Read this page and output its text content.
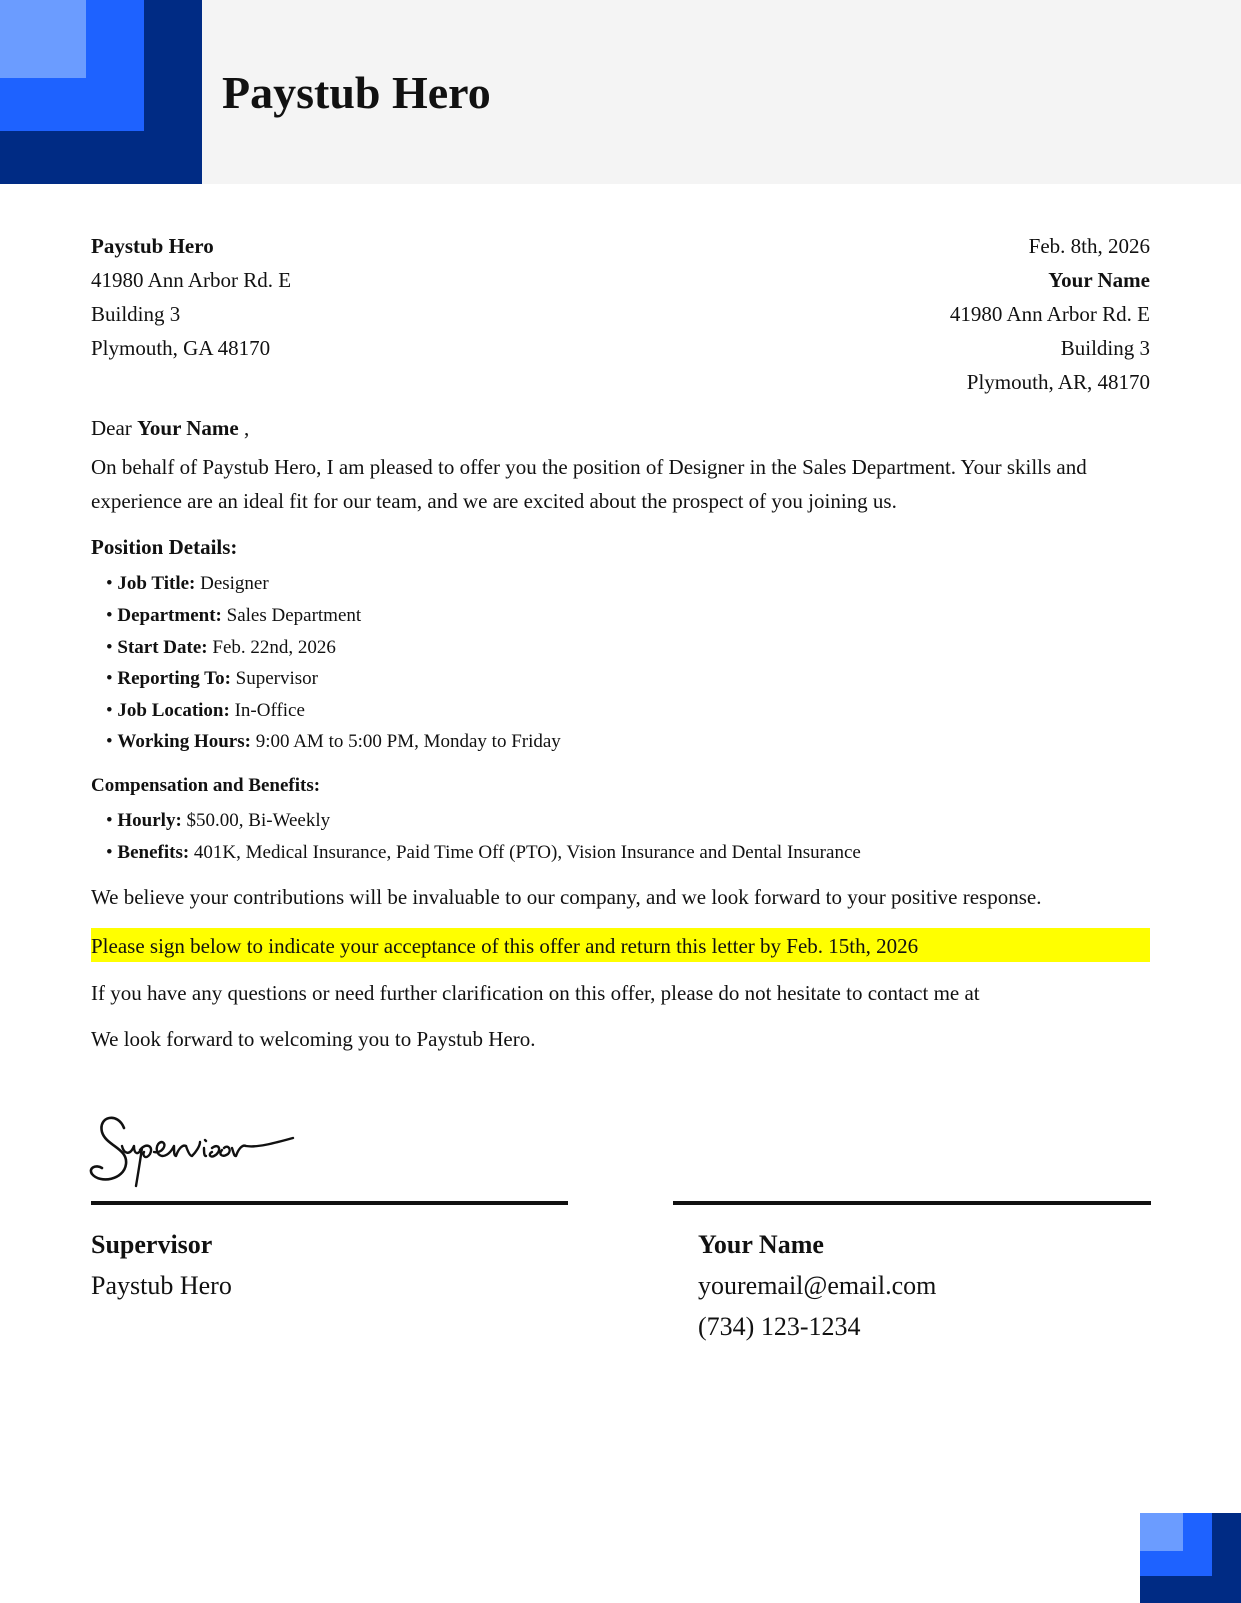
Paystub Hero
Paystub Hero
41980 Ann Arbor Rd. E
Building 3
Plymouth, GA 48170
Feb. 8th, 2026
Your Name
41980 Ann Arbor Rd. E
Building 3
Plymouth, AR, 48170
Dear Your Name ,
On behalf of Paystub Hero, I am pleased to offer you the position of Designer in the Sales Department. Your skills and
experience are an ideal fit for our team, and we are excited about the prospect of you joining us.
Position Details:
• Job Title: Designer
• Department: Sales Department
• Start Date: Feb. 22nd, 2026
• Reporting To: Supervisor
• Job Location: In-Office
• Working Hours: 9:00 AM to 5:00 PM, Monday to Friday
Compensation and Benefits:
• Hourly: $50.00, Bi-Weekly
• Benefits: 401K, Medical Insurance, Paid Time Off (PTO), Vision Insurance and Dental Insurance
We believe your contributions will be invaluable to our company, and we look forward to your positive response.
Please sign below to indicate your acceptance of this offer and return this letter by Feb. 15th, 2026
If you have any questions or need further clarification on this offer, please do not hesitate to contact me at
We look forward to welcoming you to Paystub Hero.
Supervisor
Paystub Hero
Your Name
youremail@email.com
(734) 123-1234
